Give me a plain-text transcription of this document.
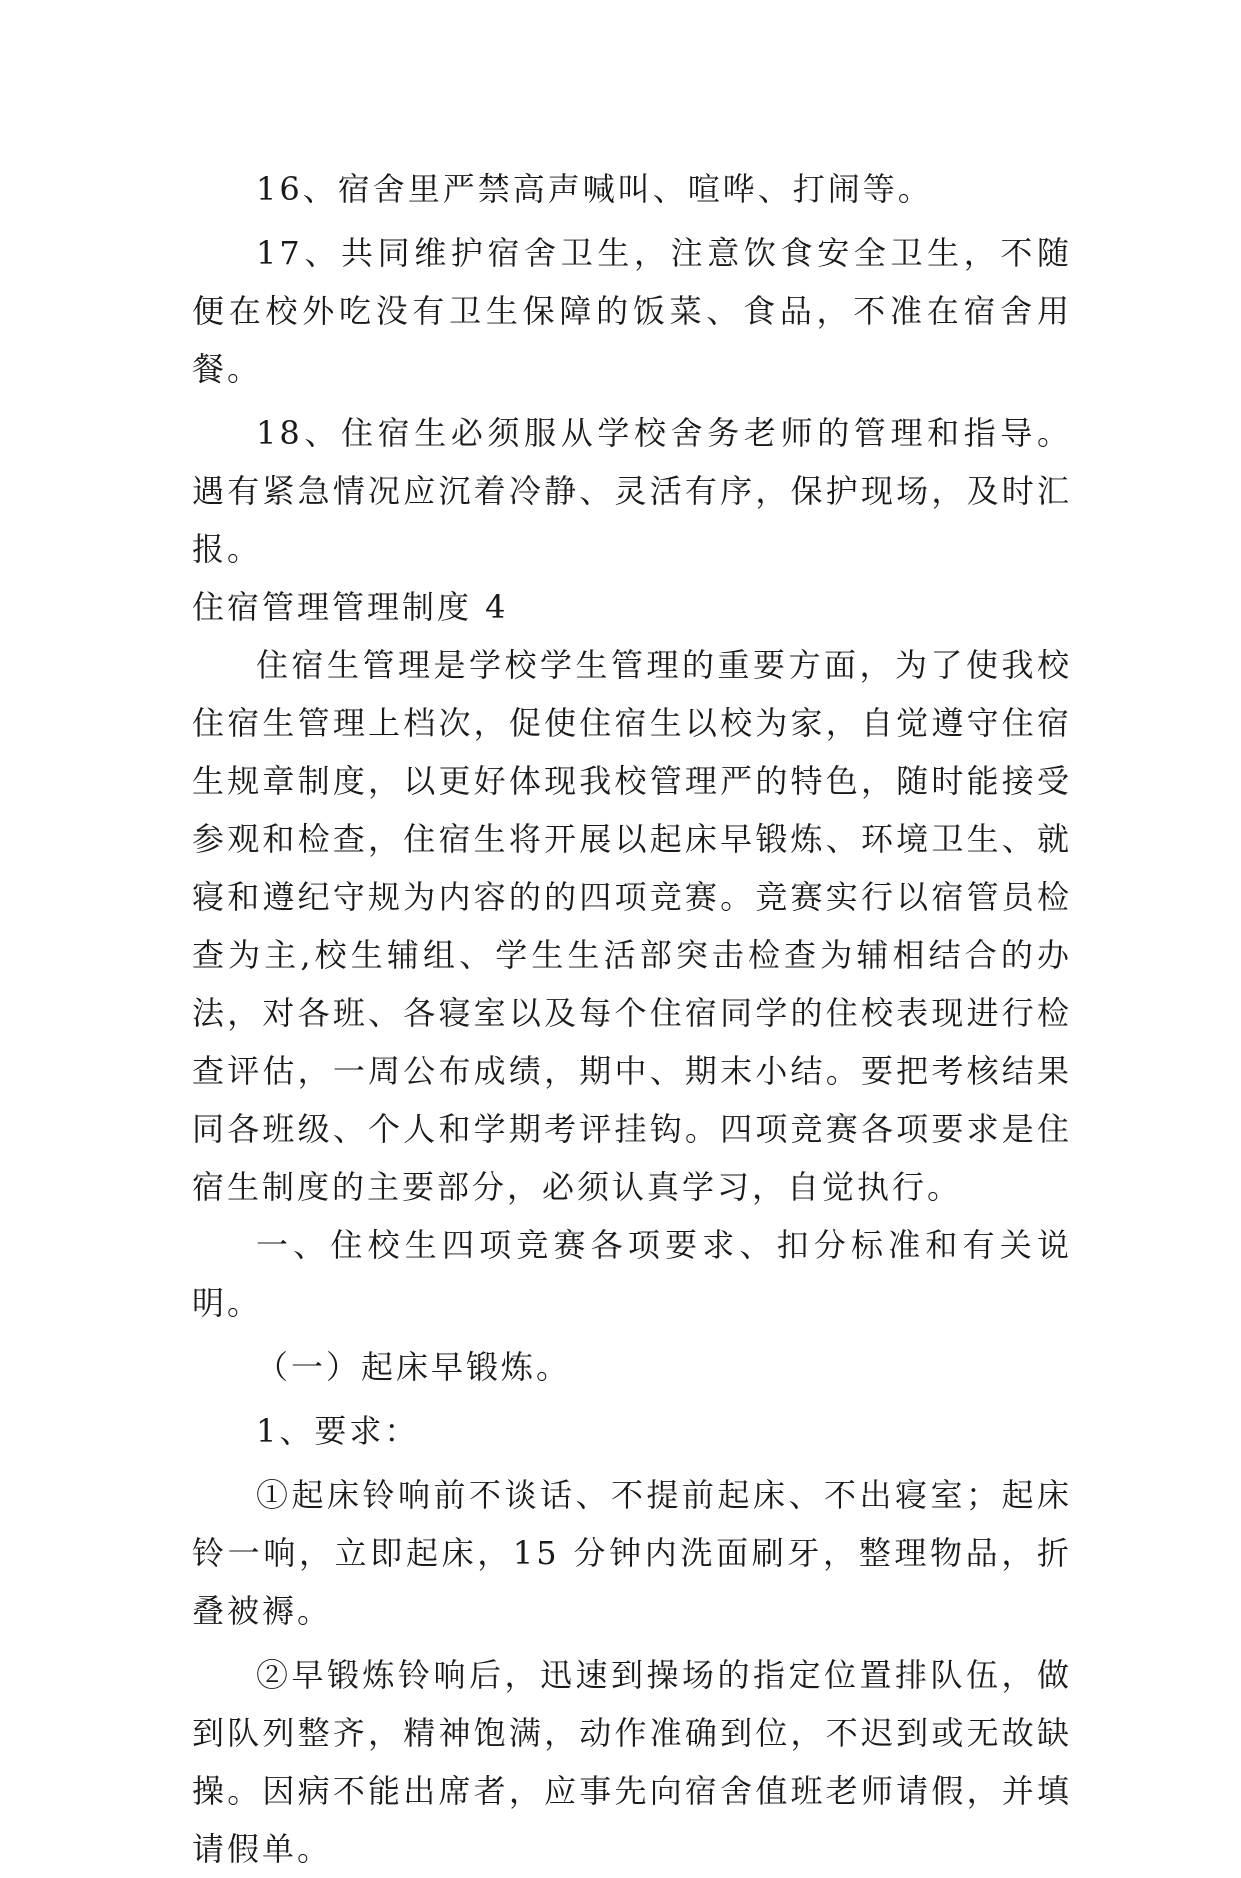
16、宿舍里严禁高声喊叫、喧哗、打闹等。

17、共同维护宿舍卫生，注意饮食安全卫生，不随便在校外吃没有卫生保障的饭菜、食品，不准在宿舍用餐。

18、住宿生必须服从学校舍务老师的管理和指导。遇有紧急情况应沉着冷静、灵活有序，保护现场，及时汇报。

住宿管理管理制度 4

住宿生管理是学校学生管理的重要方面，为了使我校住宿生管理上档次，促使住宿生以校为家，自觉遵守住宿生规章制度，以更好体现我校管理严的特色，随时能接受参观和检查，住宿生将开展以起床早锻炼、环境卫生、就寝和遵纪守规为内容的的四项竞赛。竞赛实行以宿管员检查为主,校生辅组、学生生活部突击检查为辅相结合的办法，对各班、各寝室以及每个住宿同学的住校表现进行检查评估，一周公布成绩，期中、期末小结。要把考核结果同各班级、个人和学期考评挂钩。四项竞赛各项要求是住宿生制度的主要部分，必须认真学习，自觉执行。

一、住校生四项竞赛各项要求、扣分标准和有关说明。

（一）起床早锻炼。

1、要求：

①起床铃响前不谈话、不提前起床、不出寝室；起床铃一响，立即起床，15 分钟内洗面刷牙，整理物品，折叠被褥。

②早锻炼铃响后，迅速到操场的指定位置排队伍，做到队列整齐，精神饱满，动作准确到位，不迟到或无故缺操。因病不能出席者，应事先向宿舍值班老师请假，并填请假单。
